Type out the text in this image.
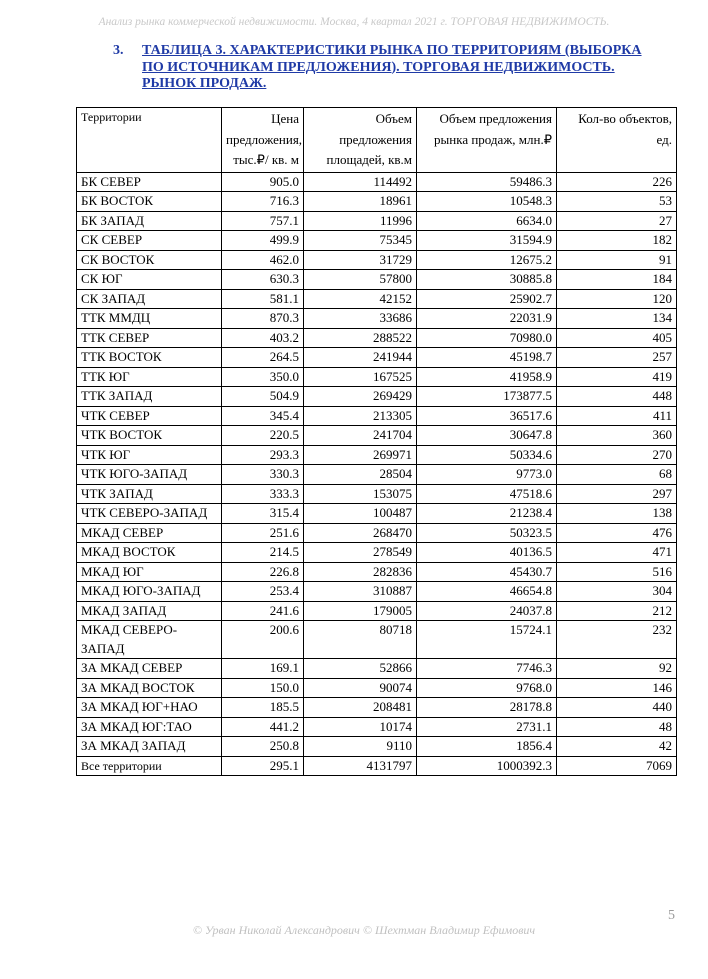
Анализ рынка коммерческой недвижимости. Москва, 4 квартал 2021 г. ТОРГОВАЯ НЕДВИЖИМОСТЬ.
3. ТАБЛИЦА 3. ХАРАКТЕРИСТИКИ РЫНКА ПО ТЕРРИТОРИЯМ (ВЫБОРКА ПО ИСТОЧНИКАМ ПРЕДЛОЖЕНИЯ). ТОРГОВАЯ НЕДВИЖИМОСТЬ. РЫНОК ПРОДАЖ.
Территории	Цена предложения, тыс.₽/ кв. м	Объем предложения площадей, кв.м	Объем предложения рынка продаж, млн.₽	Кол-во объектов, ед.
БК СЕВЕР	905.0	114492	59486.3	226
БК ВОСТОК	716.3	18961	10548.3	53
БК ЗАПАД	757.1	11996	6634.0	27
СК СЕВЕР	499.9	75345	31594.9	182
СК ВОСТОК	462.0	31729	12675.2	91
СК ЮГ	630.3	57800	30885.8	184
СК ЗАПАД	581.1	42152	25902.7	120
ТТК ММДЦ	870.3	33686	22031.9	134
ТТК СЕВЕР	403.2	288522	70980.0	405
ТТК ВОСТОК	264.5	241944	45198.7	257
ТТК ЮГ	350.0	167525	41958.9	419
ТТК ЗАПАД	504.9	269429	173877.5	448
ЧТК СЕВЕР	345.4	213305	36517.6	411
ЧТК ВОСТОК	220.5	241704	30647.8	360
ЧТК ЮГ	293.3	269971	50334.6	270
ЧТК ЮГО-ЗАПАД	330.3	28504	9773.0	68
ЧТК ЗАПАД	333.3	153075	47518.6	297
ЧТК СЕВЕРО-ЗАПАД	315.4	100487	21238.4	138
МКАД СЕВЕР	251.6	268470	50323.5	476
МКАД ВОСТОК	214.5	278549	40136.5	471
МКАД ЮГ	226.8	282836	45430.7	516
МКАД ЮГО-ЗАПАД	253.4	310887	46654.8	304
МКАД ЗАПАД	241.6	179005	24037.8	212
МКАД СЕВЕРО-ЗАПАД	200.6	80718	15724.1	232
ЗА МКАД СЕВЕР	169.1	52866	7746.3	92
ЗА МКАД ВОСТОК	150.0	90074	9768.0	146
ЗА МКАД ЮГ+НАО	185.5	208481	28178.8	440
ЗА МКАД ЮГ:ТАО	441.2	10174	2731.1	48
ЗА МКАД ЗАПАД	250.8	9110	1856.4	42
Все территории	295.1	4131797	1000392.3	7069
5
© Урван Николай Александрович © Шехтман Владимир Ефимович
